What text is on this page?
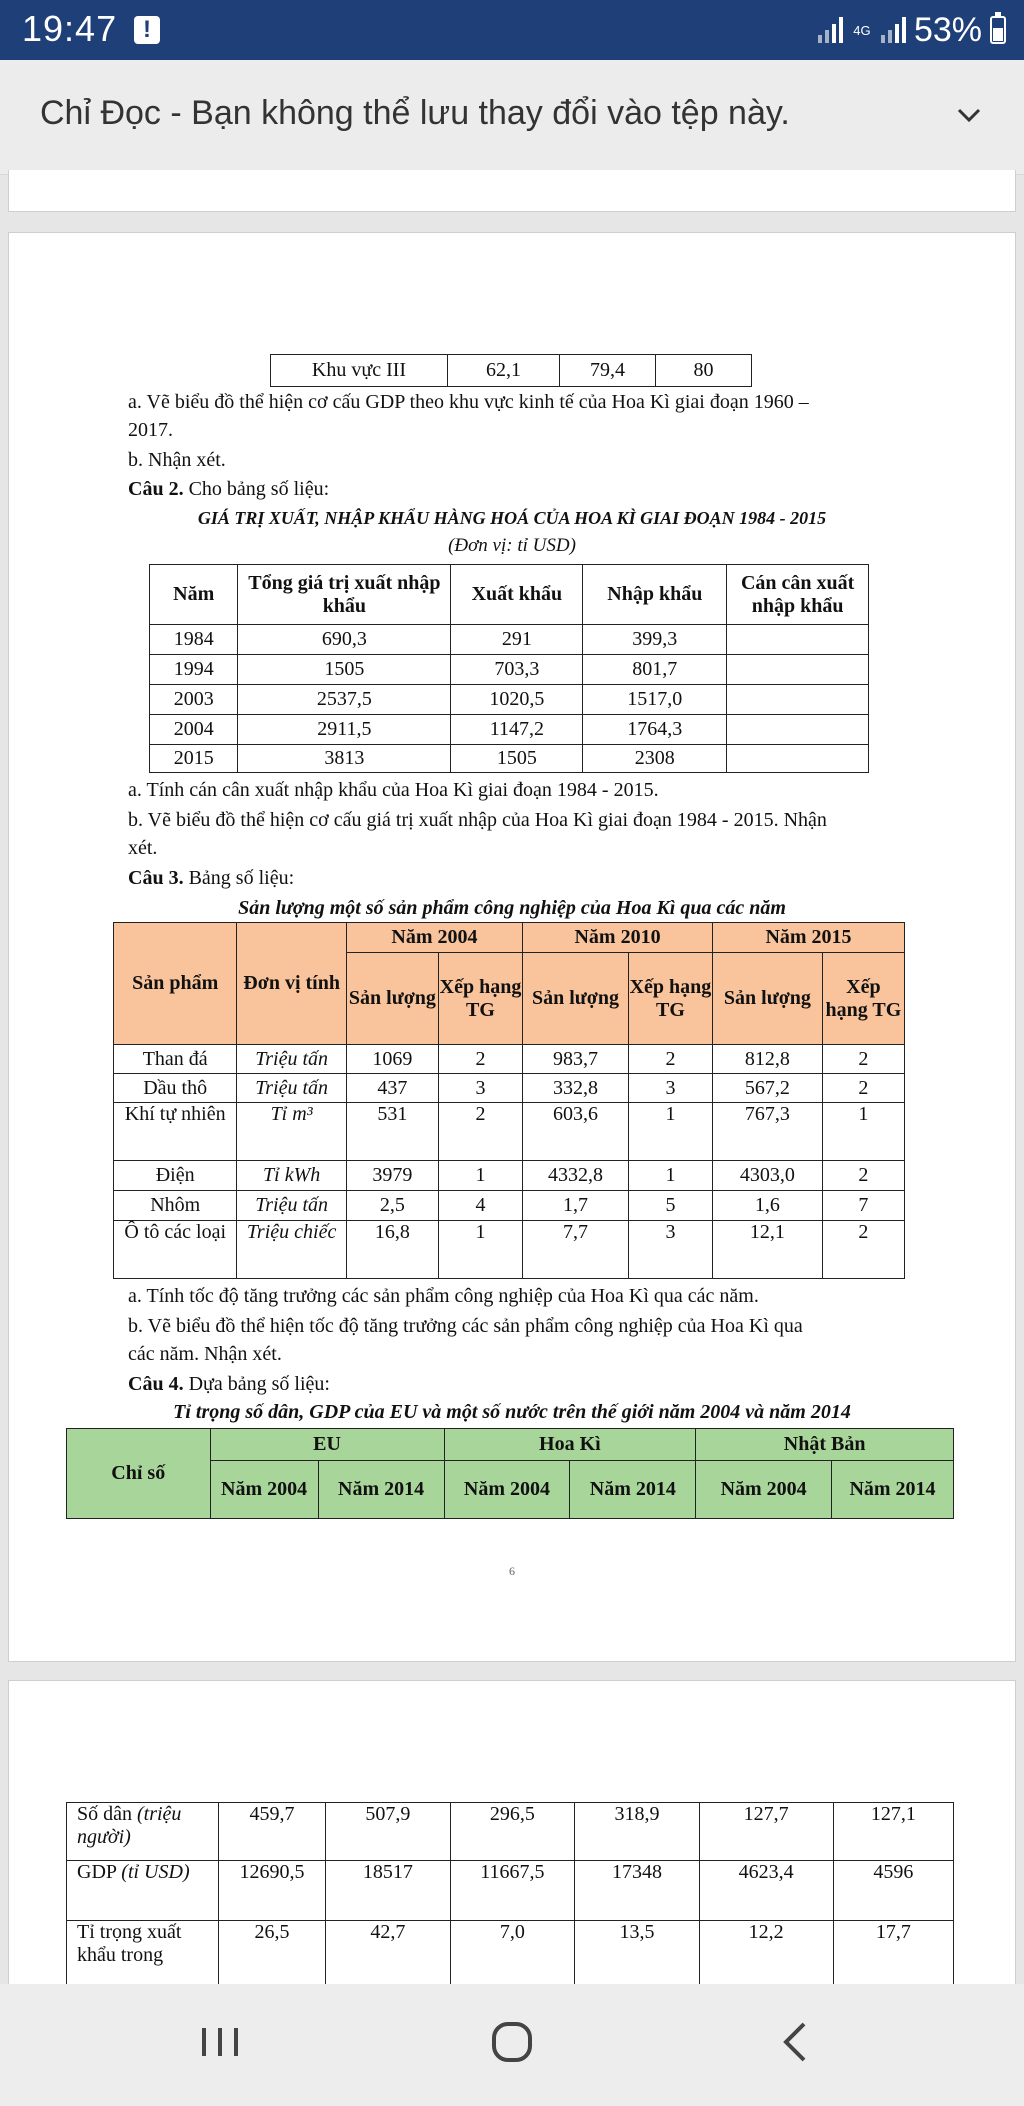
19:47	!	4G 53%
Chỉ Đọc - Bạn không thể lưu thay đổi vào tệp này.
Khu vực III	62,1	79,4	80
a. Vẽ biểu đồ thể hiện cơ cấu GDP theo khu vực kinh tế của Hoa Kì giai đoạn 1960 –
2017.
b. Nhận xét.
Câu 2. Cho bảng số liệu:
GIÁ TRỊ XUẤT, NHẬP KHẨU HÀNG HOÁ CỦA HOA KÌ GIAI ĐOẠN 1984 - 2015
(Đơn vị: tỉ USD)
Năm	Tổng giá trị xuất nhập khẩu	Xuất khẩu	Nhập khẩu	Cán cân xuất nhập khẩu
1984	690,3	291	399,3	
1994	1505	703,3	801,7	
2003	2537,5	1020,5	1517,0	
2004	2911,5	1147,2	1764,3	
2015	3813	1505	2308	
a. Tính cán cân xuất nhập khẩu của Hoa Kì giai đoạn 1984 - 2015.
b. Vẽ biểu đồ thể hiện cơ cấu giá trị xuất nhập của Hoa Kì giai đoạn 1984 - 2015. Nhận
xét.
Câu 3. Bảng số liệu:
Sản lượng một số sản phẩm công nghiệp của Hoa Kì qua các năm
Sản phẩm	Đơn vị tính	Năm 2004		Năm 2010		Năm 2015	
		Sản lượng	Xếp hạng TG	Sản lượng	Xếp hạng TG	Sản lượng	Xếp hạng TG
Than đá	Triệu tấn	1069	2	983,7	2	812,8	2
Dầu thô	Triệu tấn	437	3	332,8	3	567,2	2
Khí tự nhiên	Tỉ m³	531	2	603,6	1	767,3	1
Điện	Tỉ kWh	3979	1	4332,8	1	4303,0	2
Nhôm	Triệu tấn	2,5	4	1,7	5	1,6	7
Ô tô các loại	Triệu chiếc	16,8	1	7,7	3	12,1	2
a. Tính tốc độ tăng trưởng các sản phẩm công nghiệp của Hoa Kì qua các năm.
b. Vẽ biểu đồ thể hiện tốc độ tăng trưởng các sản phẩm công nghiệp của Hoa Kì qua
các năm. Nhận xét.
Câu 4. Dựa bảng số liệu:
Tỉ trọng số dân, GDP của EU và một số nước trên thế giới năm 2004 và năm 2014
Chỉ số	EU		Hoa Kì		Nhật Bản	
	Năm 2004	Năm 2014	Năm 2004	Năm 2014	Năm 2004	Năm 2014
6
Số dân (triệu người)	459,7	507,9	296,5	318,9	127,7	127,1
GDP (tỉ USD)	12690,5	18517	11667,5	17348	4623,4	4596
Tỉ trọng xuất khẩu trong	26,5	42,7	7,0	13,5	12,2	17,7
